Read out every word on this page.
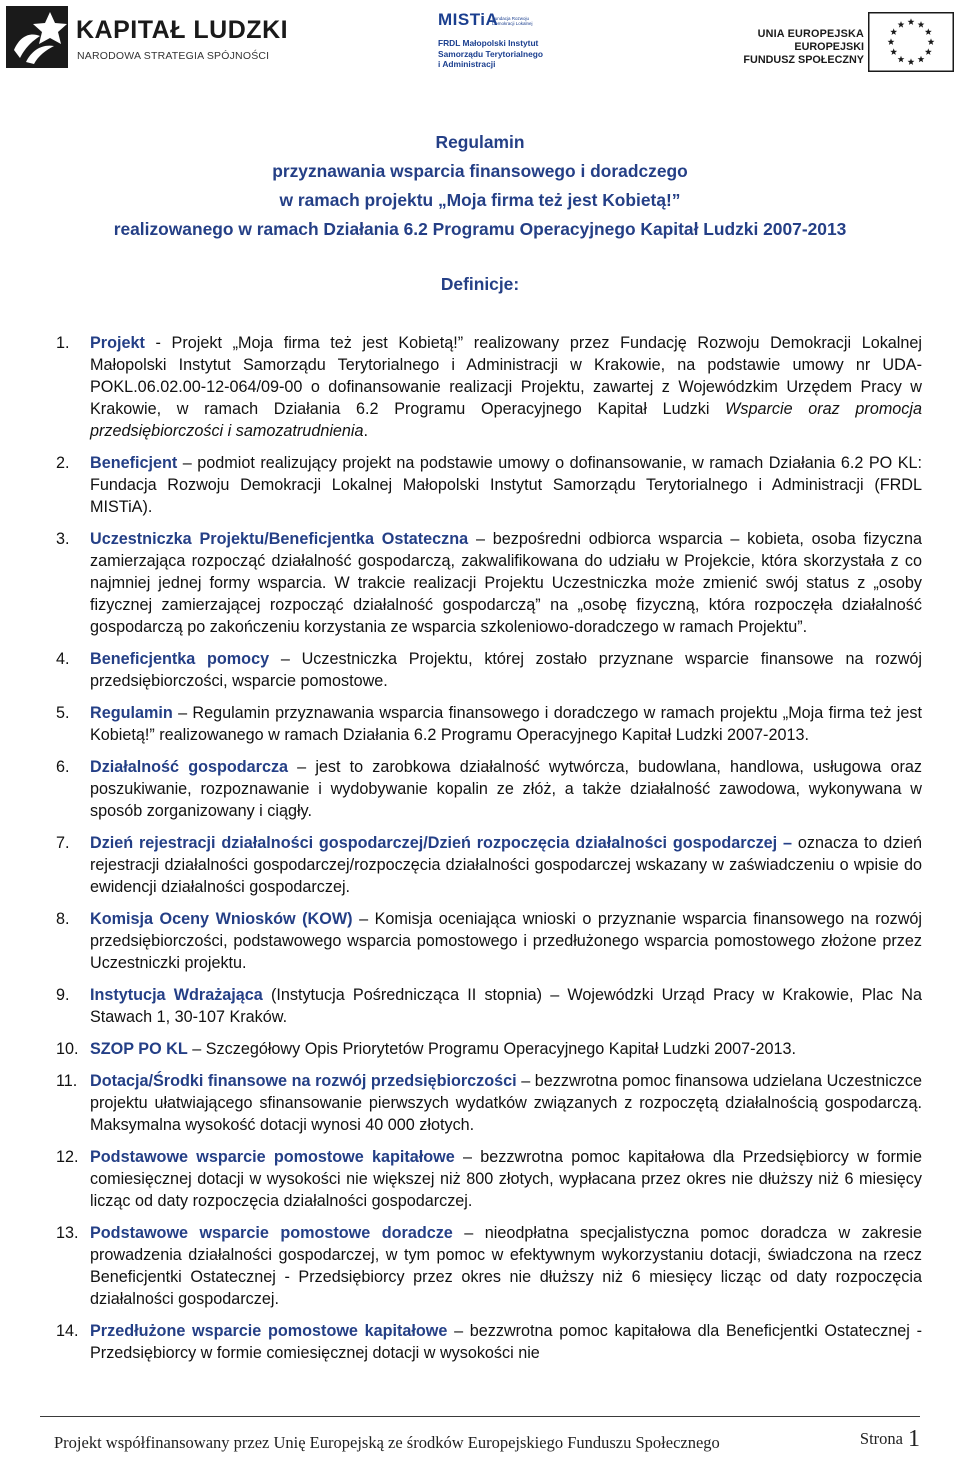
KAPITAŁ LUDZKI
NARODOWA STRATEGIA SPÓJNOŚCI
MISTiA
Fundacja Rozwoju Demokracji Lokalnej
FRDL Małopolski Instytut
Samorządu Terytorialnego
i Administracji
UNIA EUROPEJSKA
EUROPEJSKI
FUNDUSZ SPOŁECZNY
Regulamin
przyznawania wsparcia finansowego i doradczego
w ramach projektu „Moja firma też jest Kobietą!”
realizowanego w ramach Działania 6.2 Programu Operacyjnego Kapitał Ludzki 2007-2013
Definicje:
1. Projekt - Projekt „Moja firma też jest Kobietą!” realizowany przez Fundację Rozwoju Demokracji Lokalnej Małopolski Instytut Samorządu Terytorialnego i Administracji w Krakowie, na podstawie umowy nr UDA-POKL.06.02.00-12-064/09-00 o dofinansowanie realizacji Projektu, zawartej z Wojewódzkim Urzędem Pracy w Krakowie, w ramach Działania 6.2 Programu Operacyjnego Kapitał Ludzki Wsparcie oraz promocja przedsiębiorczości i samozatrudnienia.
2. Beneficjent – podmiot realizujący projekt na podstawie umowy o dofinansowanie, w ramach Działania 6.2 PO KL: Fundacja Rozwoju Demokracji Lokalnej Małopolski Instytut Samorządu Terytorialnego i Administracji (FRDL MISTiA).
3. Uczestniczka Projektu/Beneficjentka Ostateczna – bezpośredni odbiorca wsparcia – kobieta, osoba fizyczna zamierzająca rozpocząć działalność gospodarczą, zakwalifikowana do udziału w Projekcie, która skorzystała z co najmniej jednej formy wsparcia. W trakcie realizacji Projektu Uczestniczka może zmienić swój status z „osoby fizycznej zamierzającej rozpocząć działalność gospodarczą” na „osobę fizyczną, która rozpoczęła działalność gospodarczą po zakończeniu korzystania ze wsparcia szkoleniowo-doradczego w ramach Projektu”.
4. Beneficjentka pomocy – Uczestniczka Projektu, której zostało przyznane wsparcie finansowe na rozwój przedsiębiorczości, wsparcie pomostowe.
5. Regulamin – Regulamin przyznawania wsparcia finansowego i doradczego w ramach projektu „Moja firma też jest Kobietą!” realizowanego w ramach Działania 6.2 Programu Operacyjnego Kapitał Ludzki 2007-2013.
6. Działalność gospodarcza – jest to zarobkowa działalność wytwórcza, budowlana, handlowa, usługowa oraz poszukiwanie, rozpoznawanie i wydobywanie kopalin ze złóż, a także działalność zawodowa, wykonywana w sposób zorganizowany i ciągły.
7. Dzień rejestracji działalności gospodarczej/Dzień rozpoczęcia działalności gospodarczej – oznacza to dzień rejestracji działalności gospodarczej/rozpoczęcia działalności gospodarczej wskazany w zaświadczeniu o wpisie do ewidencji działalności gospodarczej.
8. Komisja Oceny Wniosków (KOW) – Komisja oceniająca wnioski o przyznanie wsparcia finansowego na rozwój przedsiębiorczości, podstawowego wsparcia pomostowego i przedłużonego wsparcia pomostowego złożone przez Uczestniczki projektu.
9. Instytucja Wdrażająca (Instytucja Pośrednicząca II stopnia) – Wojewódzki Urząd Pracy w Krakowie, Plac Na Stawach 1, 30-107 Kraków.
10. SZOP PO KL – Szczegółowy Opis Priorytetów Programu Operacyjnego Kapitał Ludzki 2007-2013.
11. Dotacja/Środki finansowe na rozwój przedsiębiorczości – bezzwrotna pomoc finansowa udzielana Uczestniczce projektu ułatwiającego sfinansowanie pierwszych wydatków związanych z rozpoczętą działalnością gospodarczą. Maksymalna wysokość dotacji wynosi 40 000 złotych.
12. Podstawowe wsparcie pomostowe kapitałowe – bezzwrotna pomoc kapitałowa dla Przedsiębiorcy w formie comiesięcznej dotacji w wysokości nie większej niż 800 złotych, wypłacana przez okres nie dłuższy niż 6 miesięcy licząc od daty rozpoczęcia działalności gospodarczej.
13. Podstawowe wsparcie pomostowe doradcze – nieodpłatna specjalistyczna pomoc doradcza w zakresie prowadzenia działalności gospodarczej, w tym pomoc w efektywnym wykorzystaniu dotacji, świadczona na rzecz Beneficjentki Ostatecznej - Przedsiębiorcy przez okres nie dłuższy niż 6 miesięcy licząc od daty rozpoczęcia działalności gospodarczej.
14. Przedłużone wsparcie pomostowe kapitałowe – bezzwrotna pomoc kapitałowa dla Beneficjentki Ostatecznej - Przedsiębiorcy w formie comiesięcznej dotacji w wysokości nie
Projekt współfinansowany przez Unię Europejską ze środków Europejskiego Funduszu Społecznego	Strona 1
